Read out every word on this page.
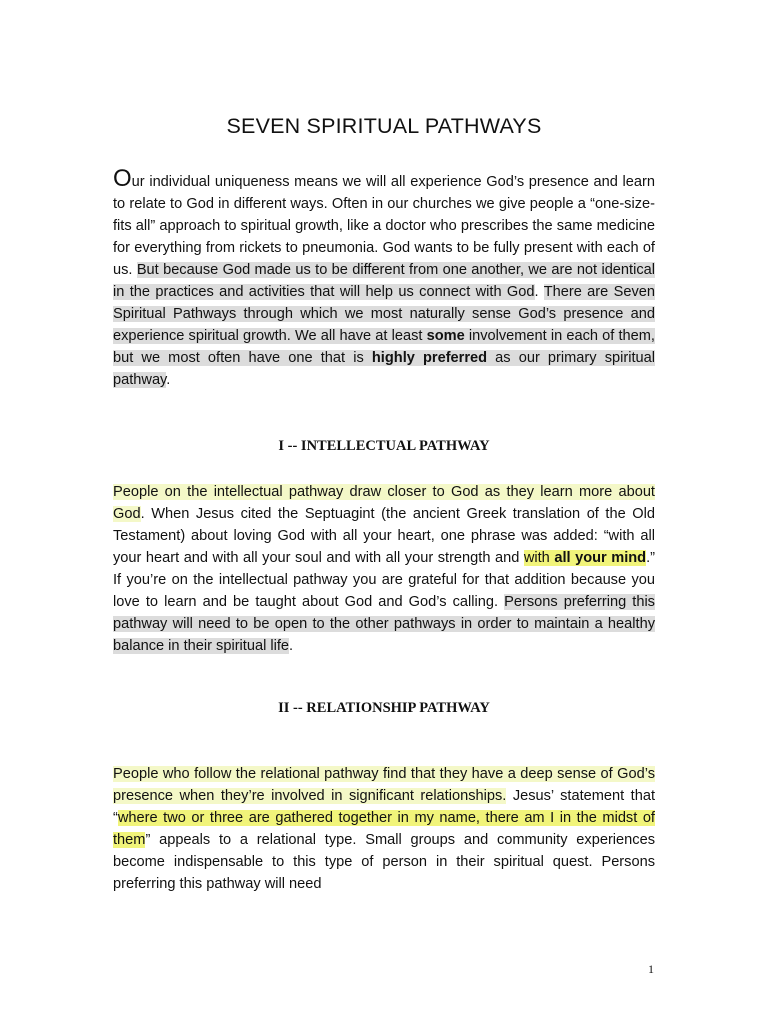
SEVEN SPIRITUAL PATHWAYS

Our individual uniqueness means we will all experience God’s presence and learn to relate to God in different ways. Often in our churches we give people a “one-size-fits all” approach to spiritual growth, like a doctor who prescribes the same medicine for everything from rickets to pneumonia. God wants to be fully present with each of us. But because God made us to be different from one another, we are not identical in the practices and activities that will help us connect with God. There are Seven Spiritual Pathways through which we most naturally sense God’s presence and experience spiritual growth. We all have at least some involvement in each of them, but we most often have one that is highly preferred as our primary spiritual pathway.

I -- INTELLECTUAL PATHWAY

People on the intellectual pathway draw closer to God as they learn more about God. When Jesus cited the Septuagint (the ancient Greek translation of the Old Testament) about loving God with all your heart, one phrase was added: “with all your heart and with all your soul and with all your strength and with all your mind.” If you’re on the intellectual pathway you are grateful for that addition because you love to learn and be taught about God and God’s calling. Persons preferring this pathway will need to be open to the other pathways in order to maintain a healthy balance in their spiritual life.

II -- RELATIONSHIP PATHWAY

People who follow the relational pathway find that they have a deep sense of God’s presence when they’re involved in significant relationships. Jesus’ statement that “where two or three are gathered together in my name, there am I in the midst of them” appeals to a relational type. Small groups and community experiences become indispensable to this type of person in their spiritual quest. Persons preferring this pathway will need

1
